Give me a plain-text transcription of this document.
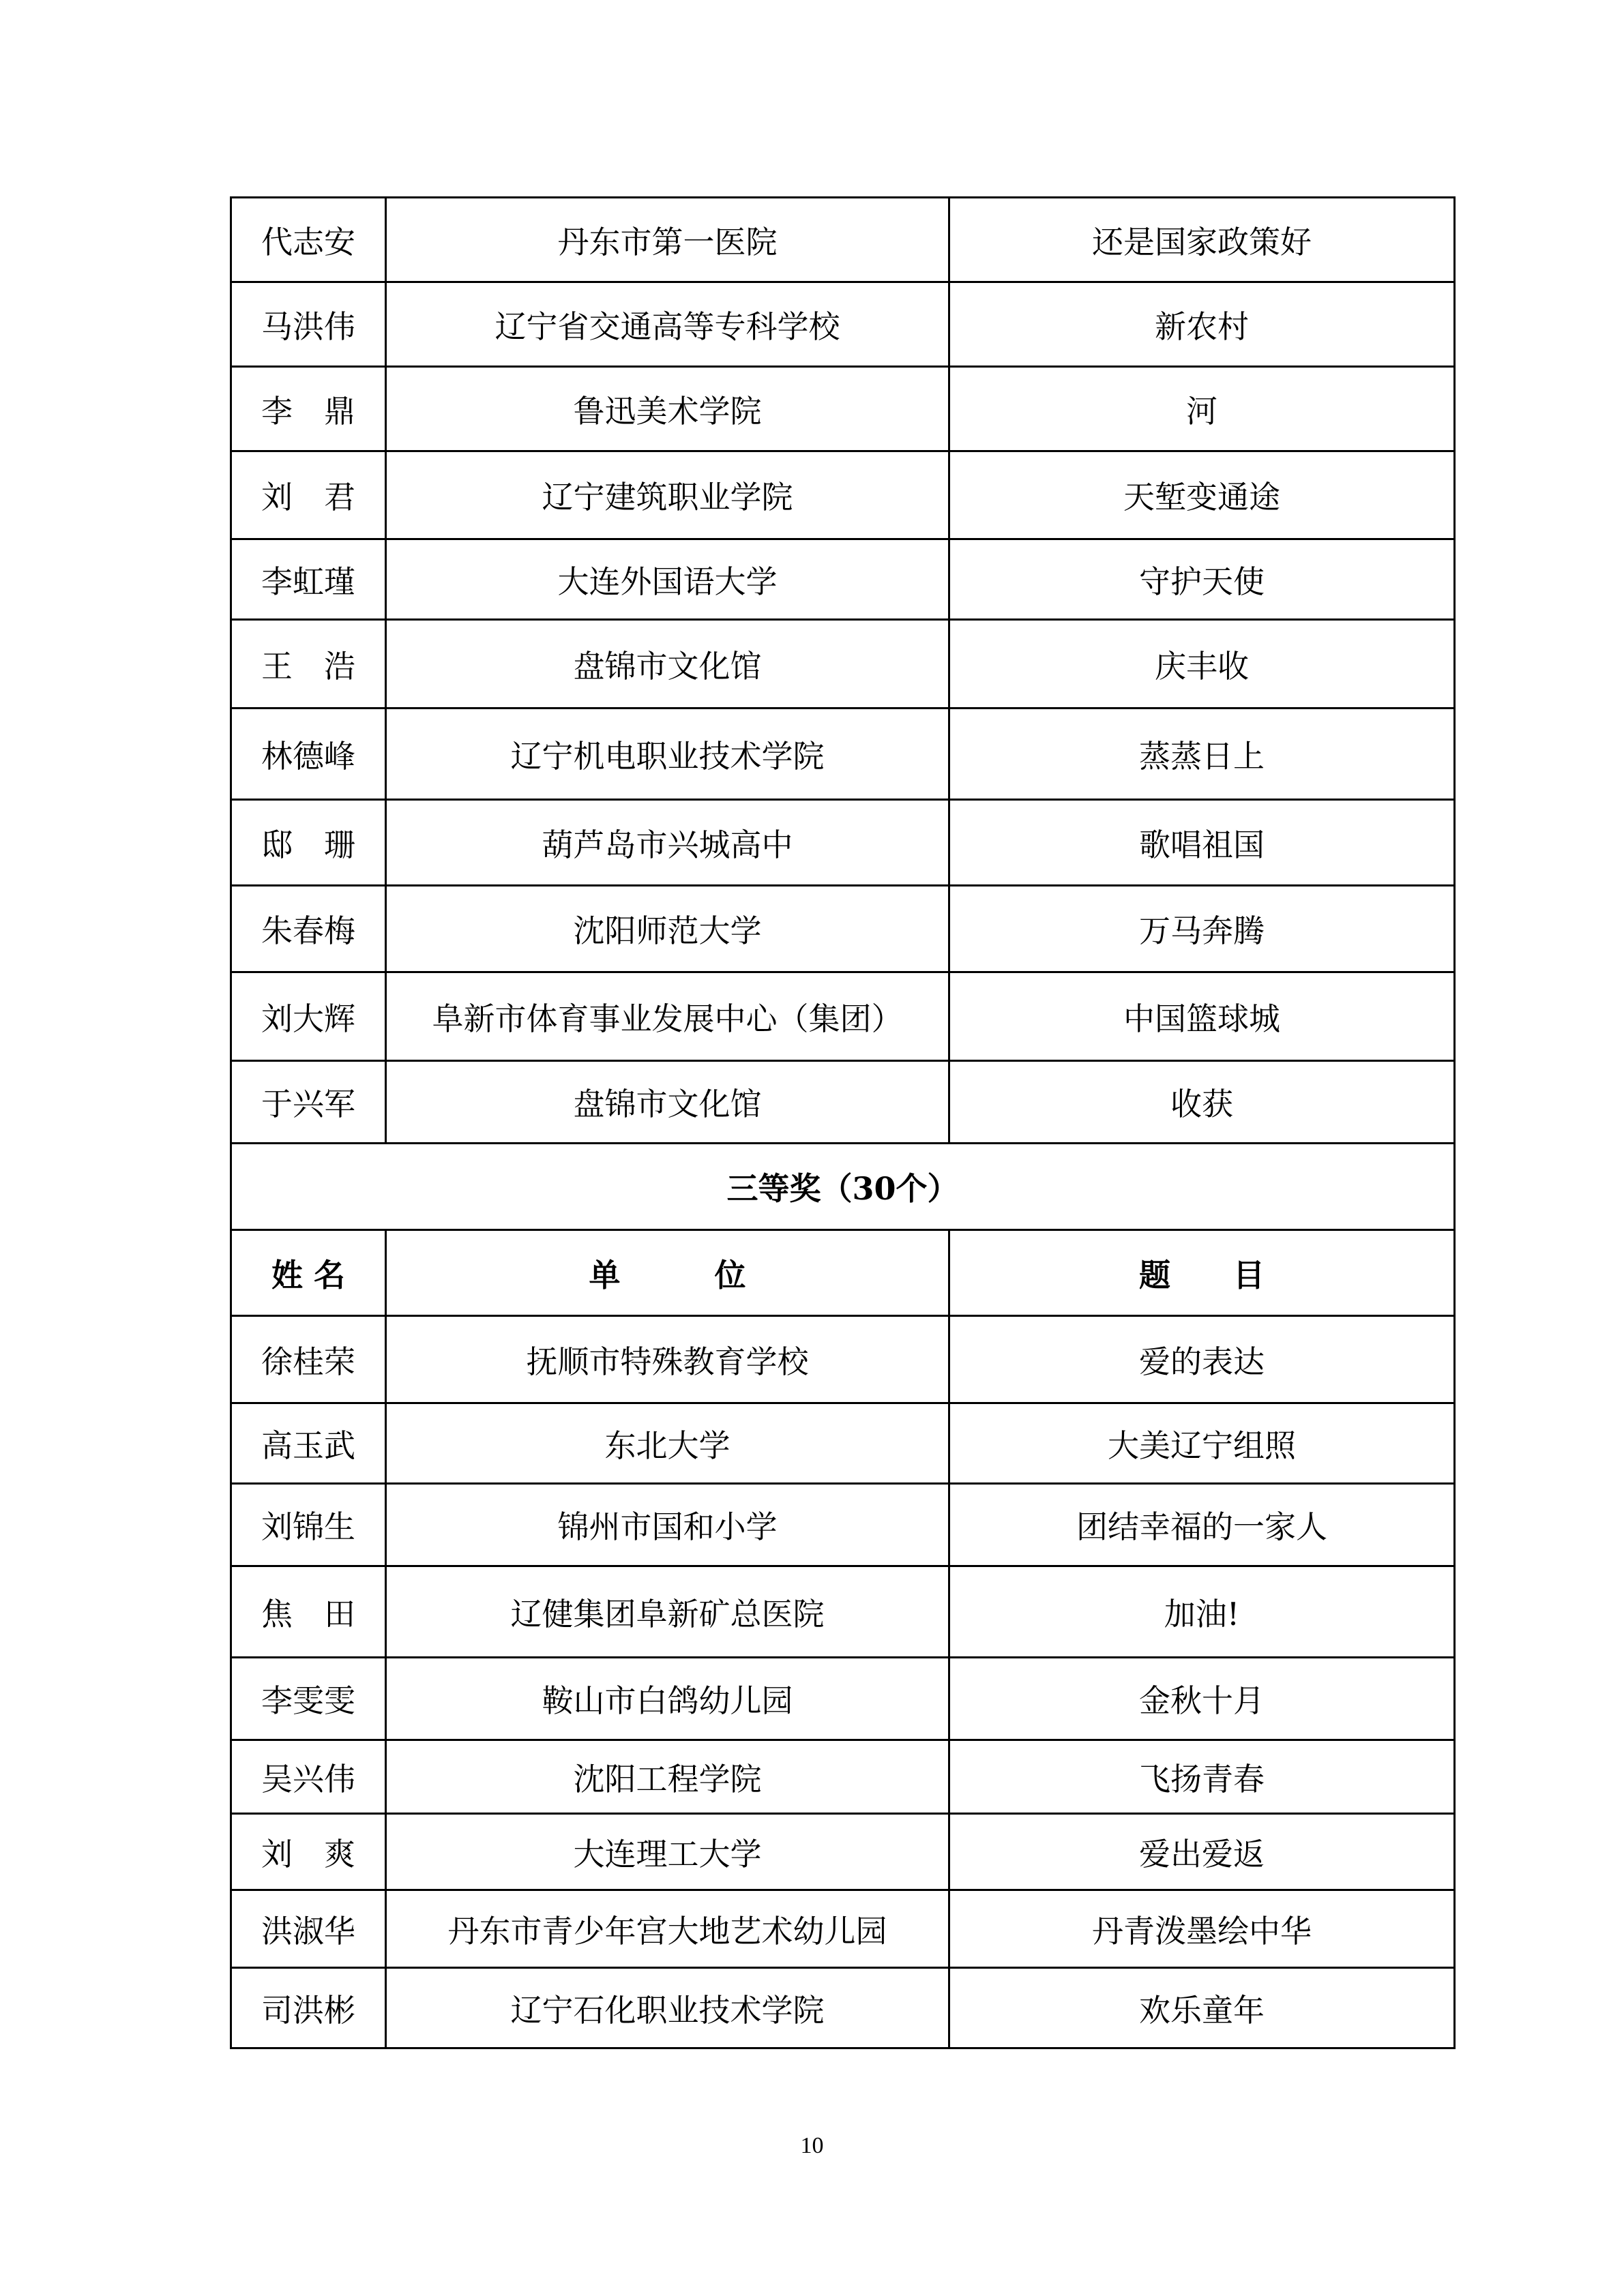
代志安	丹东市第一医院	还是国家政策好
马洪伟	辽宁省交通高等专科学校	新农村
李　鼎	鲁迅美术学院	河
刘　君	辽宁建筑职业学院	天堑变通途
李虹瑾	大连外国语大学	守护天使
王　浩	盘锦市文化馆	庆丰收
林德峰	辽宁机电职业技术学院	蒸蒸日上
邸　珊	葫芦岛市兴城高中	歌唱祖国
朱春梅	沈阳师范大学	万马奔腾
刘大辉	阜新市体育事业发展中心（集团）	中国篮球城
于兴军	盘锦市文化馆	收获
三等奖（30个）		
姓 名	单　　　位	题　　目
徐桂荣	抚顺市特殊教育学校	爱的表达
高玉武	东北大学	大美辽宁组照
刘锦生	锦州市国和小学	团结幸福的一家人
焦　田	辽健集团阜新矿总医院	加油!
李雯雯	鞍山市白鸽幼儿园	金秋十月
吴兴伟	沈阳工程学院	飞扬青春
刘　爽	大连理工大学	爱出爱返
洪淑华	丹东市青少年宫大地艺术幼儿园	丹青泼墨绘中华
司洪彬	辽宁石化职业技术学院	欢乐童年
10
